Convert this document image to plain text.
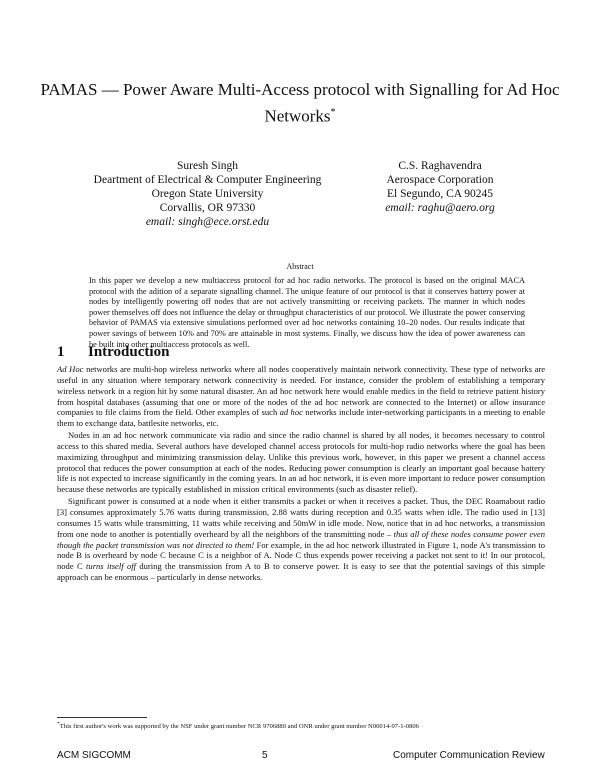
PAMAS — Power Aware Multi-Access protocol with Signalling for Ad Hoc Networks*
Suresh Singh
Deartment of Electrical & Computer Engineering
Oregon State University
Corvallis, OR 97330
email: singh@ece.orst.edu
C.S. Raghavendra
Aerospace Corporation
El Segundo, CA 90245
email: raghu@aero.org
Abstract

In this paper we develop a new multiaccess protocol for ad hoc radio networks. The protocol is based on the original MACA protocol with the adition of a separate signalling channel. The unique feature of our protocol is that it conserves battery power at nodes by intelligently powering off nodes that are not actively transmitting or receiving packets. The manner in which nodes power themselves off does not influence the delay or throughput characteristics of our protocol. We illustrate the power conserving behavior of PAMAS via extensive simulations performed over ad hoc networks containing 10–20 nodes. Our results indicate that power savings of between 10% and 70% are attainable in most systems. Finally, we discuss how the idea of power awareness can be built into other multiaccess protocols as well.

1 Introduction

Ad Hoc networks are multi-hop wireless networks where all nodes cooperatively maintain network connectivity. These type of networks are useful in any situation where temporary network connectivity is needed. For instance, consider the problem of establishing a temporary wireless network in a region hit by some natural disaster. An ad hoc network here would enable medics in the field to retrieve patient history from hospital databases (assuming that one or more of the nodes of the ad hoc network are connected to the Internet) or allow insurance companies to file claims from the field. Other examples of such ad hoc networks include inter-networking participants in a meeting to enable them to exchange data, battlesite networks, etc.

Nodes in an ad hoc network communicate via radio and since the radio channel is shared by all nodes, it becomes necessary to control access to this shared media. Several authors have developed channel access protocols for multi-hop radio networks where the goal has been maximizing throughput and minimizing transmission delay. Unlike this previous work, however, in this paper we present a channel access protocol that reduces the power consumption at each of the nodes. Reducing power consumption is clearly an important goal because battery life is not expected to increase significantly in the coming years. In an ad hoc network, it is even more important to reduce power consumption because these networks are typically established in mission critical environments (such as disaster relief).

Significant power is consumed at a node when it either transmits a packet or when it receives a packet. Thus, the DEC Roamabout radio [3] consumes approximately 5.76 watts during transmission, 2.88 watts during reception and 0.35 watts when idle. The radio used in [13] consumes 15 watts while transmitting, 11 watts while receiving and 50mW in idle mode. Now, notice that in ad hoc networks, a transmission from one node to another is potentially overheard by all the neighbors of the transmitting node – thus all of these nodes consume power even though the packet transmission was not directed to them! For example, in the ad hoc network illustrated in Figure 1, node A's transmission to node B is overheard by node C because C is a neighbor of A. Node C thus expends power receiving a packet not sent to it! In our protocol, node C turns itself off during the transmission from A to B to conserve power. It is easy to see that the potential savings of this simple approach can be enormous – particularly in dense networks.

*This first author's work was supported by the NSF under grant number NCR 9706880 and ONR under grant number N00014-97-1-0806

ACM SIGCOMM	5	Computer Communication Review
